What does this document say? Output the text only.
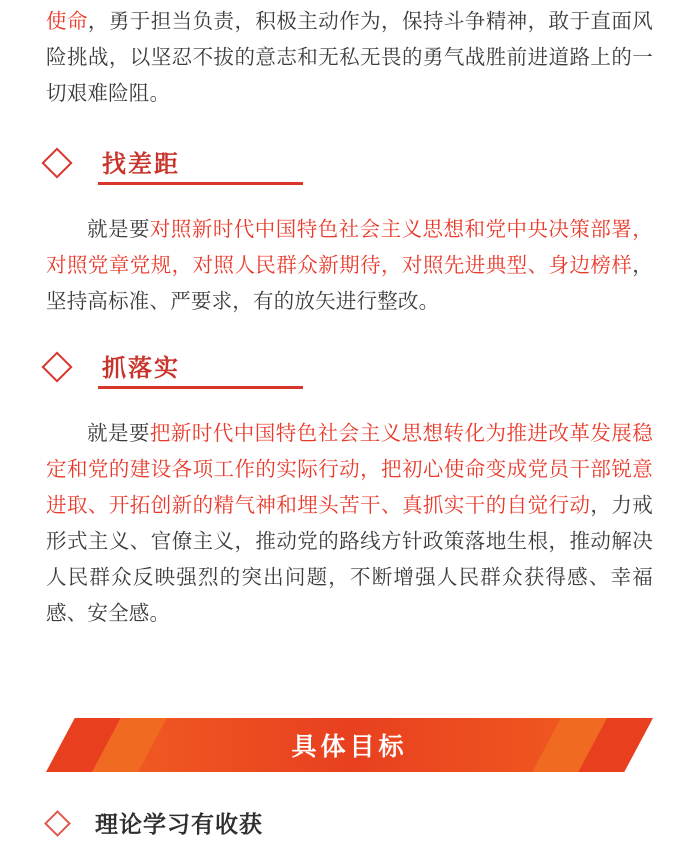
使命，勇于担当负责，积极主动作为，保持斗争精神，敢于直面风险挑战，以坚忍不拔的意志和无私无畏的勇气战胜前进道路上的一切艰难险阻。

找差距

就是要对照新时代中国特色社会主义思想和党中央决策部署，对照党章党规，对照人民群众新期待，对照先进典型、身边榜样，坚持高标准、严要求，有的放矢进行整改。

抓落实

就是要把新时代中国特色社会主义思想转化为推进改革发展稳定和党的建设各项工作的实际行动，把初心使命变成党员干部锐意进取、开拓创新的精气神和埋头苦干、真抓实干的自觉行动，力戒形式主义、官僚主义，推动党的路线方针政策落地生根，推动解决人民群众反映强烈的突出问题，不断增强人民群众获得感、幸福感、安全感。

具体目标
理论学习有收获
